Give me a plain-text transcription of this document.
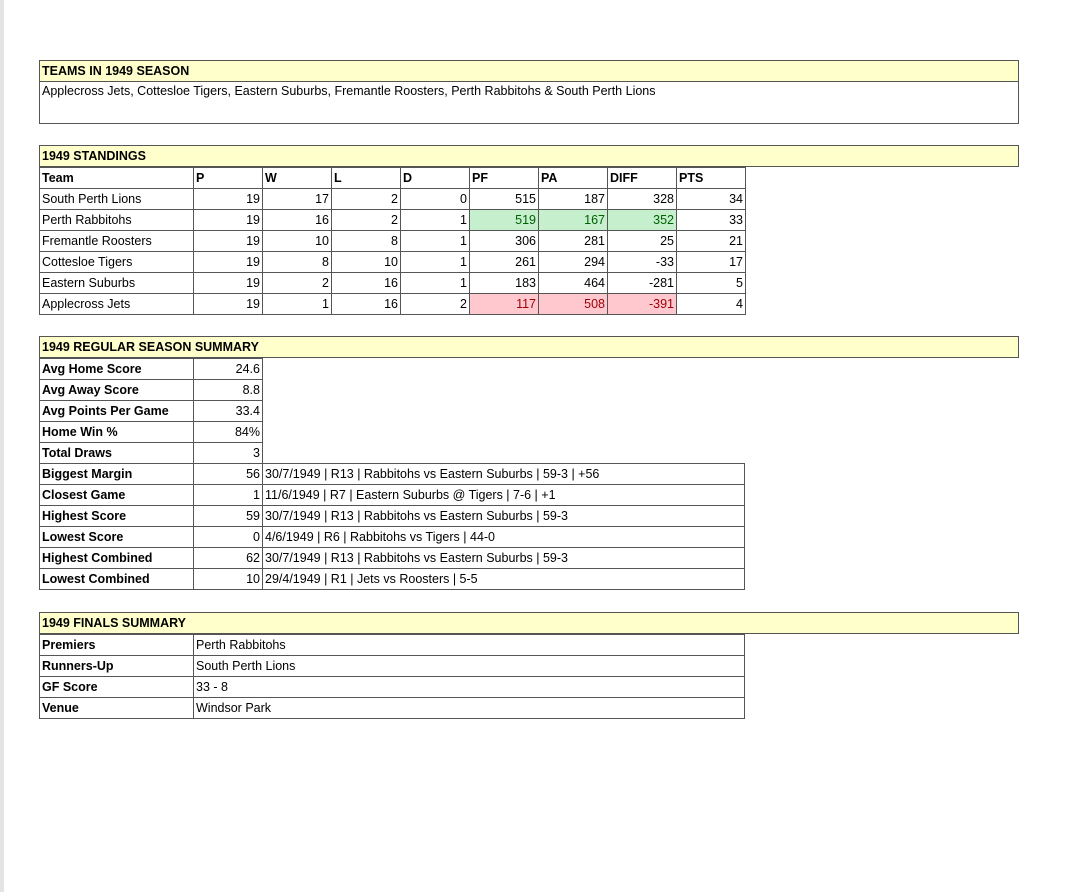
TEAMS IN 1949 SEASON
Applecross Jets, Cottesloe Tigers, Eastern Suburbs, Fremantle Roosters, Perth Rabbitohs & South Perth Lions
1949 STANDINGS
Team	P	W	L	D	PF	PA	DIFF	PTS
South Perth Lions	19	17	2	0	515	187	328	34
Perth Rabbitohs	19	16	2	1	519	167	352	33
Fremantle Roosters	19	10	8	1	306	281	25	21
Cottesloe Tigers	19	8	10	1	261	294	-33	17
Eastern Suburbs	19	2	16	1	183	464	-281	5
Applecross Jets	19	1	16	2	117	508	-391	4
1949 REGULAR SEASON SUMMARY
Avg Home Score	24.6	
Avg Away Score	8.8	
Avg Points Per Game	33.4	
Home Win %	84%	
Total Draws	3	
Biggest Margin	56	30/7/1949 | R13 | Rabbitohs vs Eastern Suburbs | 59-3 | +56
Closest Game	1	11/6/1949 | R7 | Eastern Suburbs @ Tigers | 7-6 | +1
Highest Score	59	30/7/1949 | R13 | Rabbitohs vs Eastern Suburbs | 59-3
Lowest Score	0	4/6/1949 | R6 | Rabbitohs vs Tigers | 44-0
Highest Combined	62	30/7/1949 | R13 | Rabbitohs vs Eastern Suburbs | 59-3
Lowest Combined	10	29/4/1949 | R1 | Jets vs Roosters | 5-5
1949 FINALS SUMMARY
Premiers	Perth Rabbitohs
Runners-Up	South Perth Lions
GF Score	33 - 8
Venue	Windsor Park
